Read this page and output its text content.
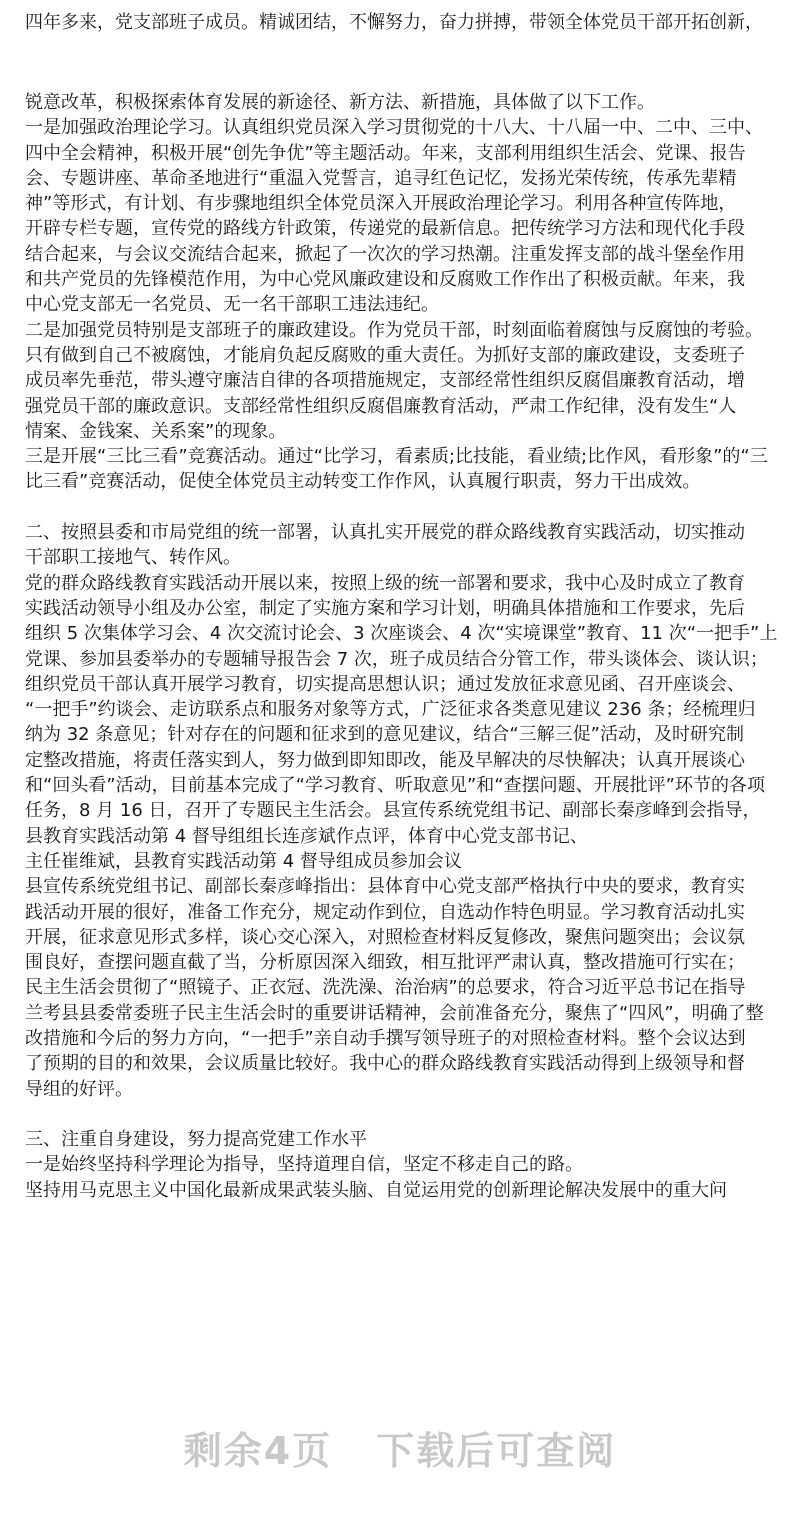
四年多来，党支部班子成员。精诚团结，不懈努力，奋力拼搏，带领全体党员干部开拓创新，
锐意改革，积极探索体育发展的新途径、新方法、新措施，具体做了以下工作。
一是加强政治理论学习。认真组织党员深入学习贯彻党的十八大、十八届一中、二中、三中、
四中全会精神，积极开展“创先争优”等主题活动。年来，支部利用组织生活会、党课、报告
会、专题讲座、革命圣地进行“重温入党誓言，追寻红色记忆，发扬光荣传统，传承先辈精
神”等形式，有计划、有步骤地组织全体党员深入开展政治理论学习。利用各种宣传阵地，
开辟专栏专题，宣传党的路线方针政策，传递党的最新信息。把传统学习方法和现代化手段
结合起来，与会议交流结合起来，掀起了一次次的学习热潮。注重发挥支部的战斗堡垒作用
和共产党员的先锋模范作用，为中心党风廉政建设和反腐败工作作出了积极贡献。年来，我
中心党支部无一名党员、无一名干部职工违法违纪。
二是加强党员特别是支部班子的廉政建设。作为党员干部，时刻面临着腐蚀与反腐蚀的考验。
只有做到自己不被腐蚀，才能肩负起反腐败的重大责任。为抓好支部的廉政建设，支委班子
成员率先垂范，带头遵守廉洁自律的各项措施规定，支部经常性组织反腐倡廉教育活动，增
强党员干部的廉政意识。支部经常性组织反腐倡廉教育活动，严肃工作纪律，没有发生“人
情案、金钱案、关系案”的现象。
三是开展“三比三看”竞赛活动。通过“比学习，看素质;比技能，看业绩;比作风，看形象”的“三
比三看”竞赛活动，促使全体党员主动转变工作作风，认真履行职责，努力干出成效。
二、按照县委和市局党组的统一部署，认真扎实开展党的群众路线教育实践活动，切实推动
干部职工接地气、转作风。
党的群众路线教育实践活动开展以来，按照上级的统一部署和要求，我中心及时成立了教育
实践活动领导小组及办公室，制定了实施方案和学习计划，明确具体措施和工作要求，先后
组织 5 次集体学习会、4 次交流讨论会、3 次座谈会、4 次“实境课堂”教育、11 次“一把手”上
党课、参加县委举办的专题辅导报告会 7 次，班子成员结合分管工作，带头谈体会、谈认识；
组织党员干部认真开展学习教育，切实提高思想认识；通过发放征求意见函、召开座谈会、
“一把手”约谈会、走访联系点和服务对象等方式，广泛征求各类意见建议 236 条；经梳理归
纳为 32 条意见；针对存在的问题和征求到的意见建议，结合“三解三促”活动，及时研究制
定整改措施，将责任落实到人，努力做到即知即改，能及早解决的尽快解决；认真开展谈心
和“回头看”活动，目前基本完成了“学习教育、听取意见”和“查摆问题、开展批评”环节的各项
任务，8 月 16 日，召开了专题民主生活会。县宣传系统党组书记、副部长秦彦峰到会指导，
县教育实践活动第 4 督导组组长连彦斌作点评，体育中心党支部书记、
主任崔维斌，县教育实践活动第 4 督导组成员参加会议
县宣传系统党组书记、副部长秦彦峰指出：县体育中心党支部严格执行中央的要求，教育实
践活动开展的很好，准备工作充分，规定动作到位，自选动作特色明显。学习教育活动扎实
开展，征求意见形式多样，谈心交心深入，对照检查材料反复修改，聚焦问题突出；会议氛
围良好，查摆问题直截了当，分析原因深入细致，相互批评严肃认真，整改措施可行实在；
民主生活会贯彻了“照镜子、正衣冠、洗洗澡、治治病”的总要求，符合习近平总书记在指导
兰考县县委常委班子民主生活会时的重要讲话精神，会前准备充分，聚焦了“四风”，明确了整
改措施和今后的努力方向，“一把手”亲自动手撰写领导班子的对照检查材料。整个会议达到
了预期的目的和效果，会议质量比较好。我中心的群众路线教育实践活动得到上级领导和督
导组的好评。
三、注重自身建设，努力提高党建工作水平
一是始终坚持科学理论为指导，坚持道理自信，坚定不移走自己的路。
坚持用马克思主义中国化最新成果武装头脑、自觉运用党的创新理论解决发展中的重大问
剩余4页 下载后可查阅
